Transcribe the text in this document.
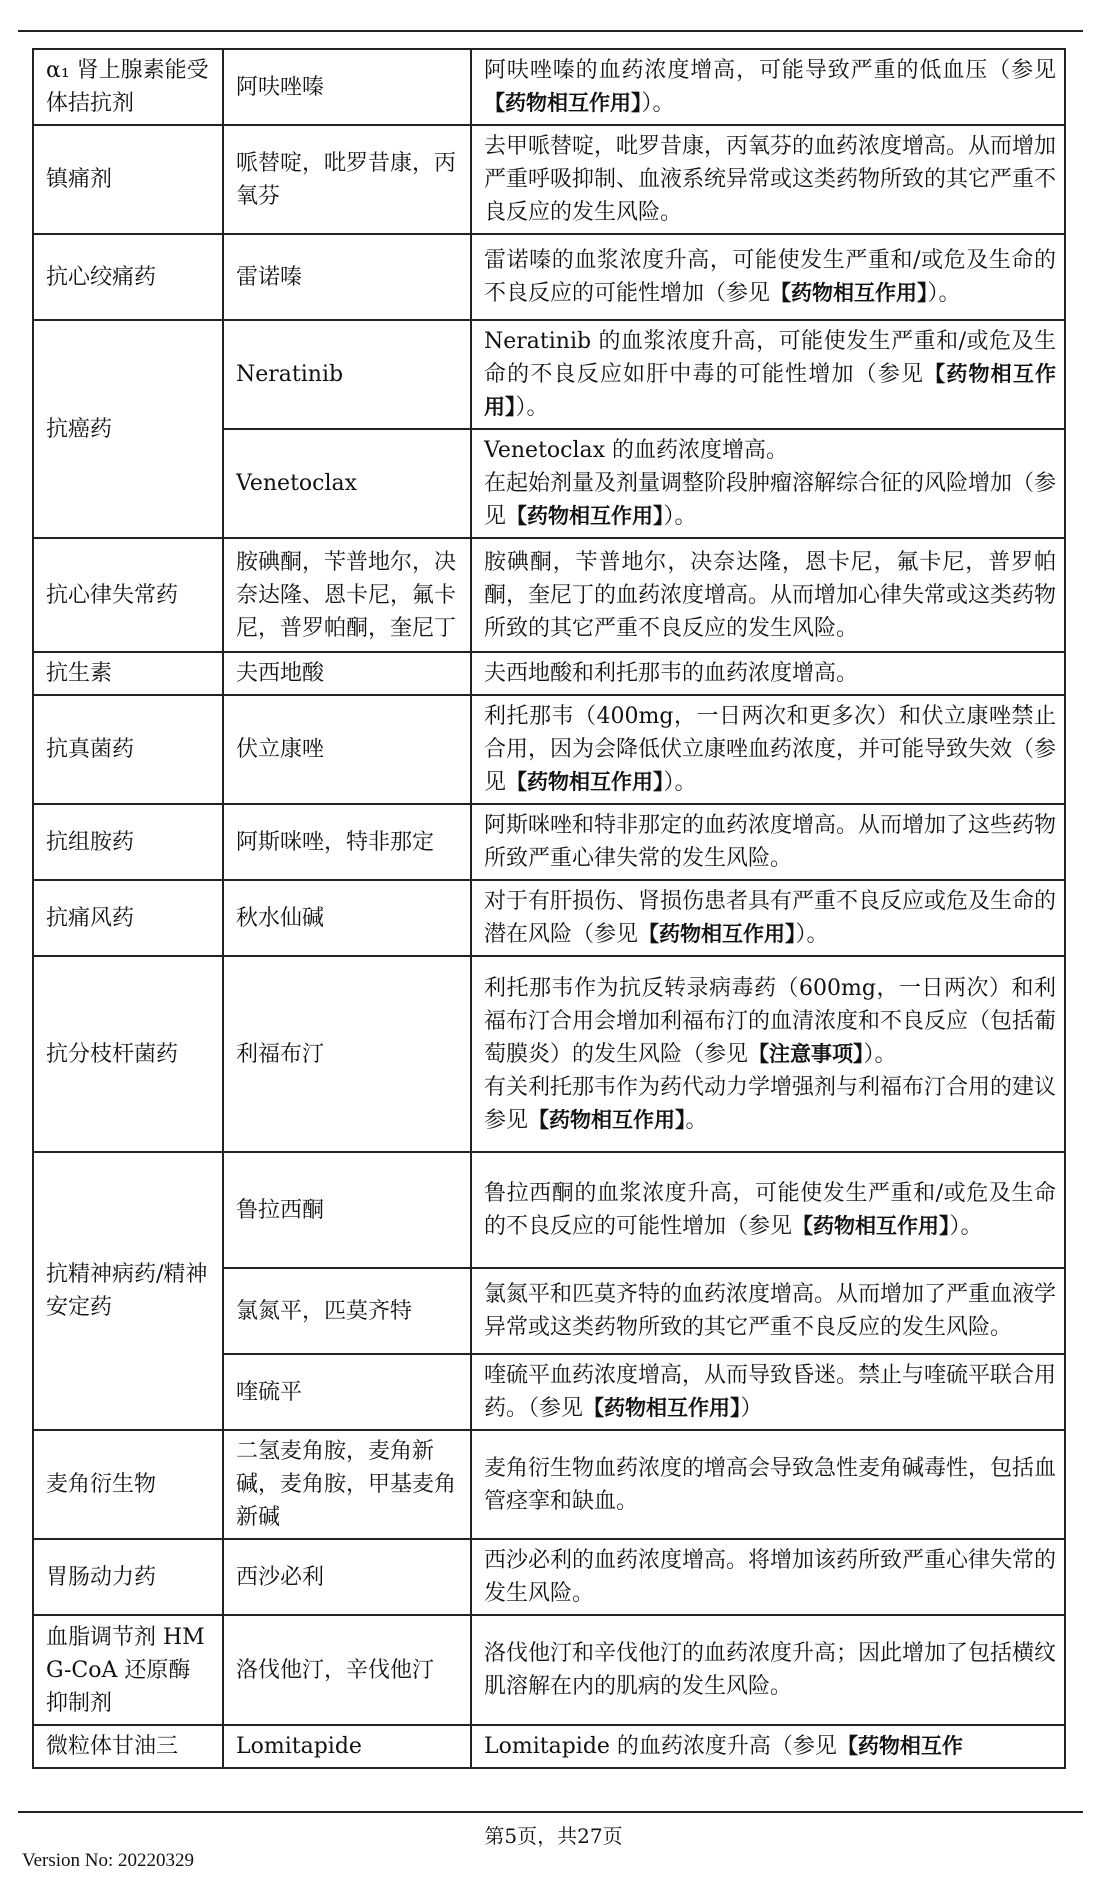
α₁ 肾上腺素能受体拮抗剂	阿呋唑嗪	阿呋唑嗪的血药浓度增高，可能导致严重的低血压（参见【药物相互作用】）。
镇痛剂	哌替啶，吡罗昔康，丙氧芬	去甲哌替啶，吡罗昔康，丙氧芬的血药浓度增高。从而增加严重呼吸抑制、血液系统异常或这类药物所致的其它严重不良反应的发生风险。
抗心绞痛药	雷诺嗪	雷诺嗪的血浆浓度升高，可能使发生严重和/或危及生命的不良反应的可能性增加（参见【药物相互作用】）。
抗癌药	Neratinib	Neratinib 的血浆浓度升高，可能使发生严重和/或危及生命的不良反应如肝中毒的可能性增加（参见【药物相互作用】）。
	Venetoclax	Venetoclax 的血药浓度增高。
在起始剂量及剂量调整阶段肿瘤溶解综合征的风险增加（参见【药物相互作用】）。
抗心律失常药	胺碘酮，苄普地尔，决奈达隆、恩卡尼，氟卡尼，普罗帕酮，奎尼丁	胺碘酮，苄普地尔，决奈达隆，恩卡尼，氟卡尼，普罗帕酮，奎尼丁的血药浓度增高。从而增加心律失常或这类药物所致的其它严重不良反应的发生风险。
抗生素	夫西地酸	夫西地酸和利托那韦的血药浓度增高。
抗真菌药	伏立康唑	利托那韦（400mg，一日两次和更多次）和伏立康唑禁止合用，因为会降低伏立康唑血药浓度，并可能导致失效（参见【药物相互作用】）。
抗组胺药	阿斯咪唑，特非那定	阿斯咪唑和特非那定的血药浓度增高。从而增加了这些药物所致严重心律失常的发生风险。
抗痛风药	秋水仙碱	对于有肝损伤、肾损伤患者具有严重不良反应或危及生命的潜在风险（参见【药物相互作用】）。
抗分枝杆菌药	利福布汀	利托那韦作为抗反转录病毒药（600mg，一日两次）和利福布汀合用会增加利福布汀的血清浓度和不良反应（包括葡萄膜炎）的发生风险（参见【注意事项】）。
有关利托那韦作为药代动力学增强剂与利福布汀合用的建议参见【药物相互作用】。
抗精神病药/精神安定药	鲁拉西酮	鲁拉西酮的血浆浓度升高，可能使发生严重和/或危及生命的不良反应的可能性增加（参见【药物相互作用】）。
	氯氮平，匹莫齐特	氯氮平和匹莫齐特的血药浓度增高。从而增加了严重血液学异常或这类药物所致的其它严重不良反应的发生风险。
	喹硫平	喹硫平血药浓度增高，从而导致昏迷。禁止与喹硫平联合用药。（参见【药物相互作用】）
麦角衍生物	二氢麦角胺，麦角新碱，麦角胺，甲基麦角新碱	麦角衍生物血药浓度的增高会导致急性麦角碱毒性，包括血管痉挛和缺血。
胃肠动力药	西沙必利	西沙必利的血药浓度增高。将增加该药所致严重心律失常的发生风险。
血脂调节剂 HMG-CoA 还原酶抑制剂	洛伐他汀，辛伐他汀	洛伐他汀和辛伐他汀的血药浓度升高；因此增加了包括横纹肌溶解在内的肌病的发生风险。
微粒体甘油三	Lomitapide	Lomitapide 的血药浓度升高（参见【药物相互作
第5页，共27页
Version No: 20220329
